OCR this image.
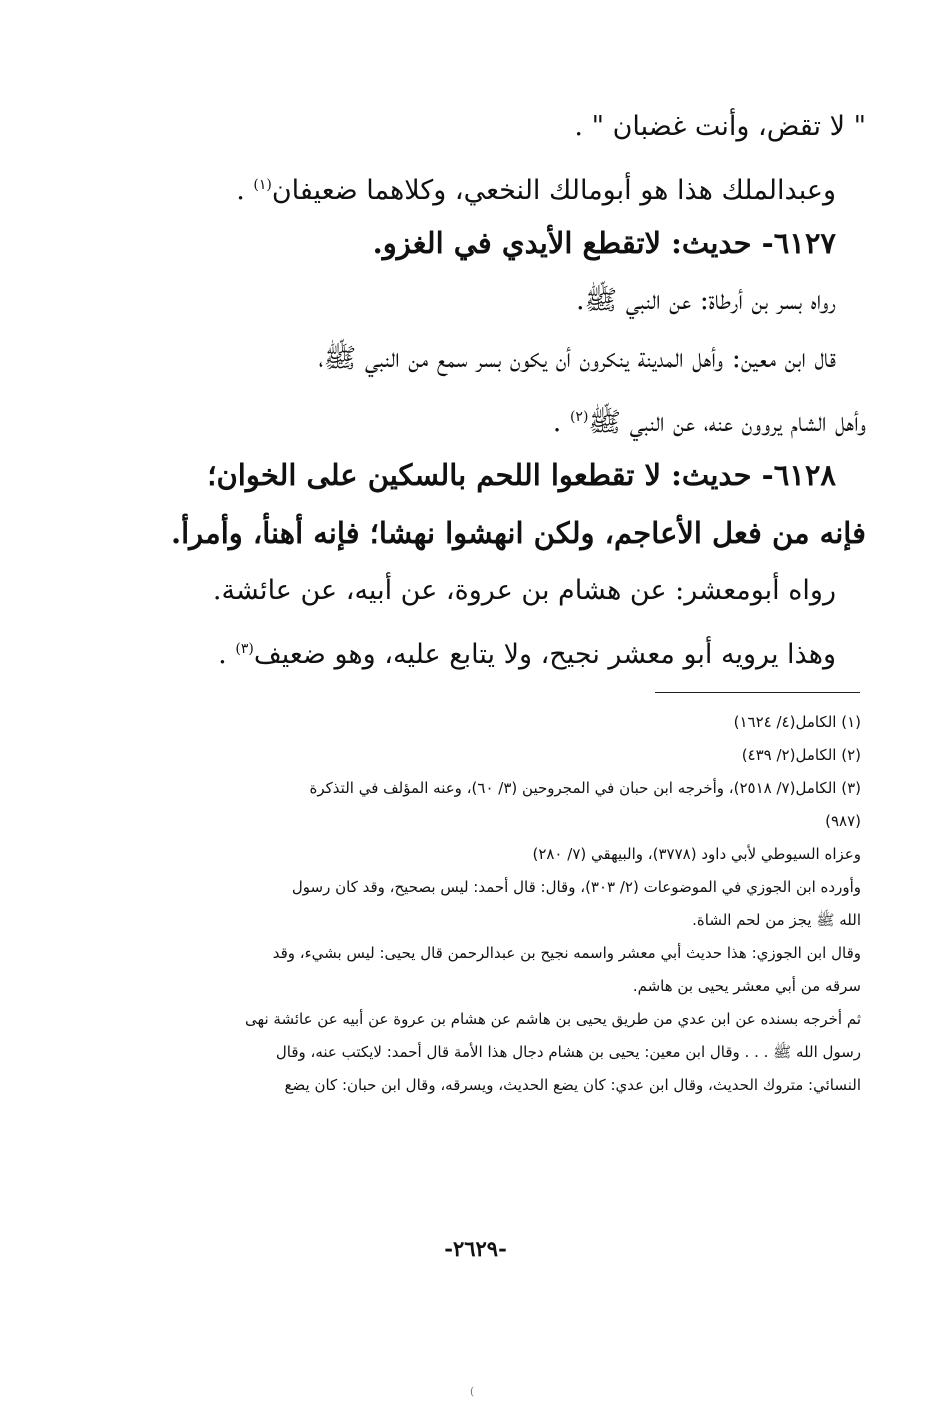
" لا تقض، وأنت غضبان " .
وعبدالملك هذا هو أبومالك النخعي، وكلاهما ضعيفان$^{(١)}$ .
٦١٢٧- حديث: لاتقطع الأيدي في الغزو.
رواه بسر بن أرطاة: عن النبي ﷺ.
قال ابن معين: وأهل المدينة ينكرون أن يكون بسر سمع من النبي ﷺ،
وأهل الشام يروون عنه، عن النبي ﷺ$^{(٢)}$ .
٦١٢٨- حديث: لا تقطعوا اللحم بالسكين على الخوان؛
فإنه من فعل الأعاجم، ولكن انهشوا نهشا؛ فإنه أهنأ، وأمرأ.
رواه أبومعشر: عن هشام بن عروة، عن أبيه، عن عائشة.
وهذا يرويه أبو معشر نجيح، ولا يتابع عليه، وهو ضعيف$^{(٣)}$ .
(١) الكامل(٤/ ١٦٢٤)
(٢) الكامل(٢/ ٤٣٩)
(٣) الكامل(٧/ ٢٥١٨)، وأخرجه ابن حبان في المجروحين (٣/ ٦٠)، وعنه المؤلف في التذكرة
(٩٨٧)
وعزاه السيوطي لأبي داود (٣٧٧٨)، والبيهقي (٧/ ٢٨٠)
وأورده ابن الجوزي في الموضوعات (٢/ ٣٠٣)، وقال: قال أحمد: ليس بصحيح، وقد كان رسول
الله ﷺ يجز من لحم الشاة.
وقال ابن الجوزي: هذا حديث أبي معشر واسمه نجيح بن عبدالرحمن قال يحيى: ليس بشيء، وقد
سرقه من أبي معشر يحيى بن هاشم.
ثم أخرجه بسنده عن ابن عدي من طريق يحيى بن هاشم عن هشام بن عروة عن أبيه عن عائشة نهى
رسول الله ﷺ . . . وقال ابن معين: يحيى بن هشام دجال هذا الأمة قال أحمد: لايكتب عنه، وقال
النسائي: متروك الحديث، وقال ابن عدي: كان يضع الحديث، ويسرقه، وقال ابن حبان: كان يضع
-٢٦٢٩-
(
